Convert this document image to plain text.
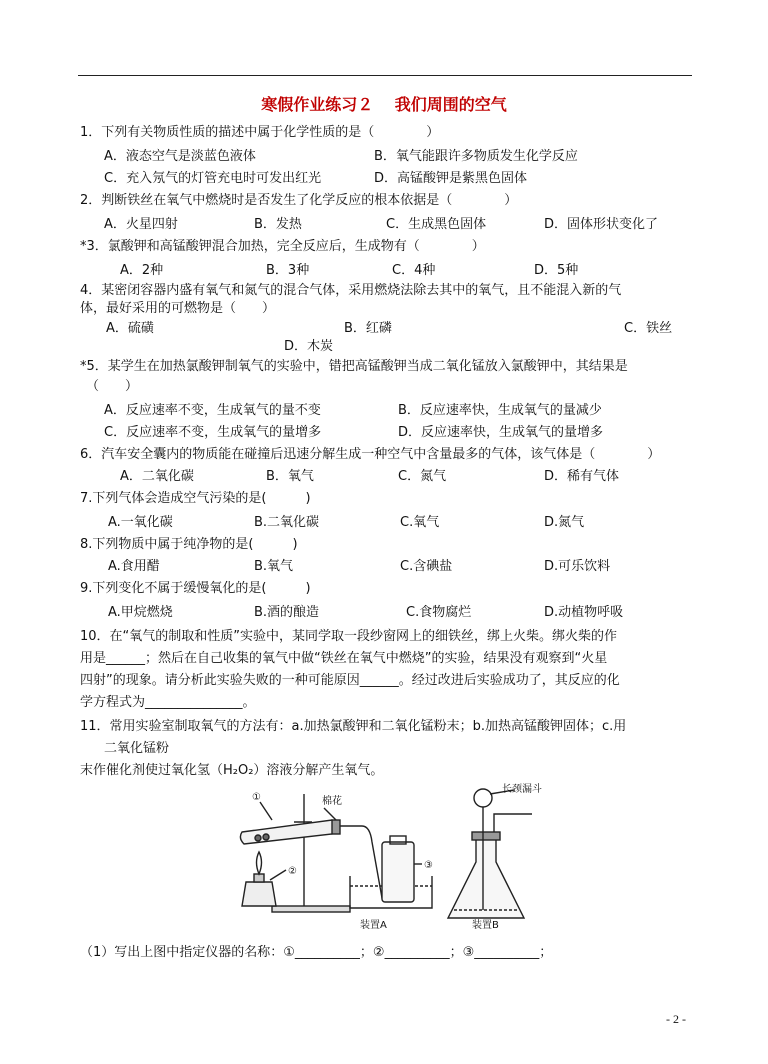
寒假作业练习２　 我们周围的空气
1．下列有关物质性质的描述中属于化学性质的是（　　　　）
A．液态空气是淡蓝色液体	B．氧气能跟许多物质发生化学反应
C．充入氖气的灯管充电时可发出红光	D．高锰酸钾是紫黑色固体
2．判断铁丝在氧气中燃烧时是否发生了化学反应的根本依据是（　　　　）
A．火星四射	B．发热	C．生成黑色固体	D．固体形状变化了
*3．氯酸钾和高锰酸钾混合加热，完全反应后，生成物有（　　　　）
A．2种	B．3种	C．4种	D．5种
4．某密闭容器内盛有氧气和氮气的混合气体，采用燃烧法除去其中的氧气，且不能混入新的气
体，最好采用的可燃物是（　　）
A．硫磺	B．红磷	C．铁丝
D．木炭
*5．某学生在加热氯酸钾制氧气的实验中，错把高锰酸钾当成二氧化锰放入氯酸钾中，其结果是
（　　）
A．反应速率不变，生成氧气的量不变	B．反应速率快，生成氧气的量减少
C．反应速率不变，生成氧气的量增多	D．反应速率快，生成氧气的量增多
6．汽车安全囊内的物质能在碰撞后迅速分解生成一种空气中含量最多的气体，该气体是（　　　　）
A．二氧化碳	B．氧气	C．氮气	D．稀有气体
7.下列气体会造成空气污染的是(　　　)
A.一氧化碳	B.二氧化碳	C.氧气	D.氮气
8.下列物质中属于纯净物的是(　　　)
A.食用醋	B.氧气	C.含碘盐	D.可乐饮料
9.下列变化不属于缓慢氧化的是(　　　)
A.甲烷燃烧	B.酒的酿造	C.食物腐烂	D.动植物呼吸
10．在“氧气的制取和性质”实验中，某同学取一段纱窗网上的细铁丝，绑上火柴。绑火柴的作
用是______；然后在自己收集的氧气中做“铁丝在氧气中燃烧”的实验，结果没有观察到“火星
四射”的现象。请分析此实验失败的一种可能原因______。经过改进后实验成功了，其反应的化
学方程式为_______________。
11．常用实验室制取氧气的方法有：a.加热氯酸钾和二氧化锰粉末；b.加热高锰酸钾固体；c.用
二氧化锰粉
末作催化剂使过氧化氢（H₂O₂）溶液分解产生氧气。
（1）写出上图中指定仪器的名称：①__________；②__________；③__________；
①
②
③
棉花
长颈漏斗
装置A	装置B
- 2 -
